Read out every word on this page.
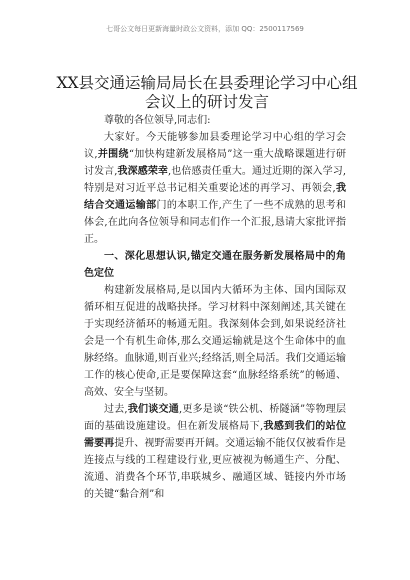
七哥公文每日更新海量时政公文资料，添加 QQ：2500117569
XX县交通运输局局长在县委理论学习中心组会议上的研讨发言

尊敬的各位领导,同志们:

大家好。今天能够参加县委理论学习中心组的学习会议,并围绕“加快构建新发展格局”这一重大战略课题进行研讨发言,我深感荣幸,也倍感责任重大。通过近期的深入学习,特别是对习近平总书记相关重要论述的再学习、再领会,我结合交通运输部门的本职工作,产生了一些不成熟的思考和体会,在此向各位领导和同志们作一个汇报,恳请大家批评指正。

一、深化思想认识,锚定交通在服务新发展格局中的角色定位

构建新发展格局,是以国内大循环为主体、国内国际双循环相互促进的战略抉择。学习材料中深刻阐述,其关键在于实现经济循环的畅通无阻。我深刻体会到,如果说经济社会是一个有机生命体,那么交通运输就是这个生命体中的血脉经络。血脉通,则百业兴;经络活,则全局活。我们交通运输工作的核心使命,正是要保障这套“血脉经络系统”的畅通、高效、安全与坚韧。

过去,我们谈交通,更多是谈“铁公机、桥隧涵”等物理层面的基础设施建设。但在新发展格局下,我感到我们的站位需要再提升、视野需要再开阔。交通运输不能仅仅被看作是连接点与线的工程建设行业,更应被视为畅通生产、分配、流通、消费各个环节,串联城乡、融通区域、链接内外市场的关键“黏合剂”和
